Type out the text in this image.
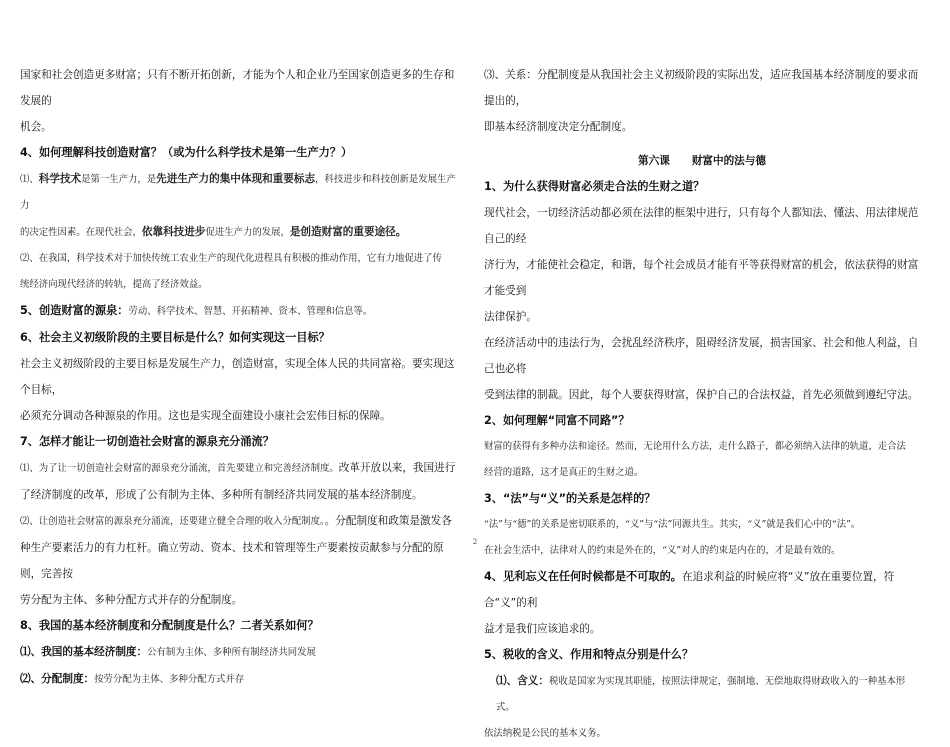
国家和社会创造更多财富；只有不断开拓创新，才能为个人和企业乃至国家创造更多的生存和发展的
机会。

4、如何理解科技创造财富？（或为什么科学技术是第一生产力？）

⑴、科学技术是第一生产力，是先进生产力的集中体现和重要标志，科技进步和科技创新是发展生产力
的决定性因素。在现代社会，依靠科技进步促进生产力的发展，是创造财富的重要途径。

⑵、在我国，科学技术对于加快传统工农业生产的现代化进程具有积极的推动作用，它有力地促进了传
统经济向现代经济的转轨，提高了经济效益。

5、创造财富的源泉：劳动、科学技术、智慧、开拓精神、资本、管理和信息等。

6、社会主义初级阶段的主要目标是什么？如何实现这一目标？

社会主义初级阶段的主要目标是发展生产力，创造财富，实现全体人民的共同富裕。要实现这个目标，
必须充分调动各种源泉的作用。这也是实现全面建设小康社会宏伟目标的保障。

7、怎样才能让一切创造社会财富的源泉充分涌流？

⑴、为了让一切创造社会财富的源泉充分涌流，首先要建立和完善经济制度。改革开放以来，我国进行
了经济制度的改革，形成了公有制为主体、多种所有制经济共同发展的基本经济制度。

⑵、让创造社会财富的源泉充分涌流，还要建立健全合理的收入分配制度。。分配制度和政策是激发各
种生产要素活力的有力杠杆。确立劳动、资本、技术和管理等生产要素按贡献参与分配的原则，完善按
劳分配为主体、多种分配方式并存的分配制度。

8、我国的基本经济制度和分配制度是什么？二者关系如何？

⑴、我国的基本经济制度：公有制为主体、多种所有制经济共同发展

⑵、分配制度：按劳分配为主体、多种分配方式并存

⑶、关系：分配制度是从我国社会主义初级阶段的实际出发，适应我国基本经济制度的要求而提出的，
即基本经济制度决定分配制度。

第六课 财富中的法与德

1、为什么获得财富必须走合法的生财之道？

现代社会，一切经济活动都必须在法律的框架中进行，只有每个人都知法、懂法、用法律规范自己的经
济行为，才能使社会稳定，和谐，每个社会成员才能有平等获得财富的机会，依法获得的财富才能受到
法律保护。
在经济活动中的违法行为，会扰乱经济秩序，阻碍经济发展，损害国家、社会和他人利益，自己也必将
受到法律的制裁。因此，每个人要获得财富，保护自己的合法权益，首先必须做到遵纪守法。

2、如何理解“同富不同路”？

财富的获得有多种办法和途径。然而，无论用什么方法，走什么路子，都必须纳入法律的轨道，走合法
经营的道路，这才是真正的生财之道。

3、“法”与“义”的关系是怎样的？

“法”与“德”的关系是密切联系的，“义”与“法”同源共生。其实，“义”就是我们心中的“法”。
在社会生活中，法律对人的约束是外在的，“义”对人的约束是内在的，才是最有效的。

4、见利忘义在任何时候都是不可取的。在追求利益的时候应将“义”放在重要位置，符合“义”的利
益才是我们应该追求的。

5、税收的含义、作用和特点分别是什么？

⑴、含义：税收是国家为实现其职能，按照法律规定，强制地、无偿地取得财政收入的一种基本形式。

依法纳税是公民的基本义务。

2
